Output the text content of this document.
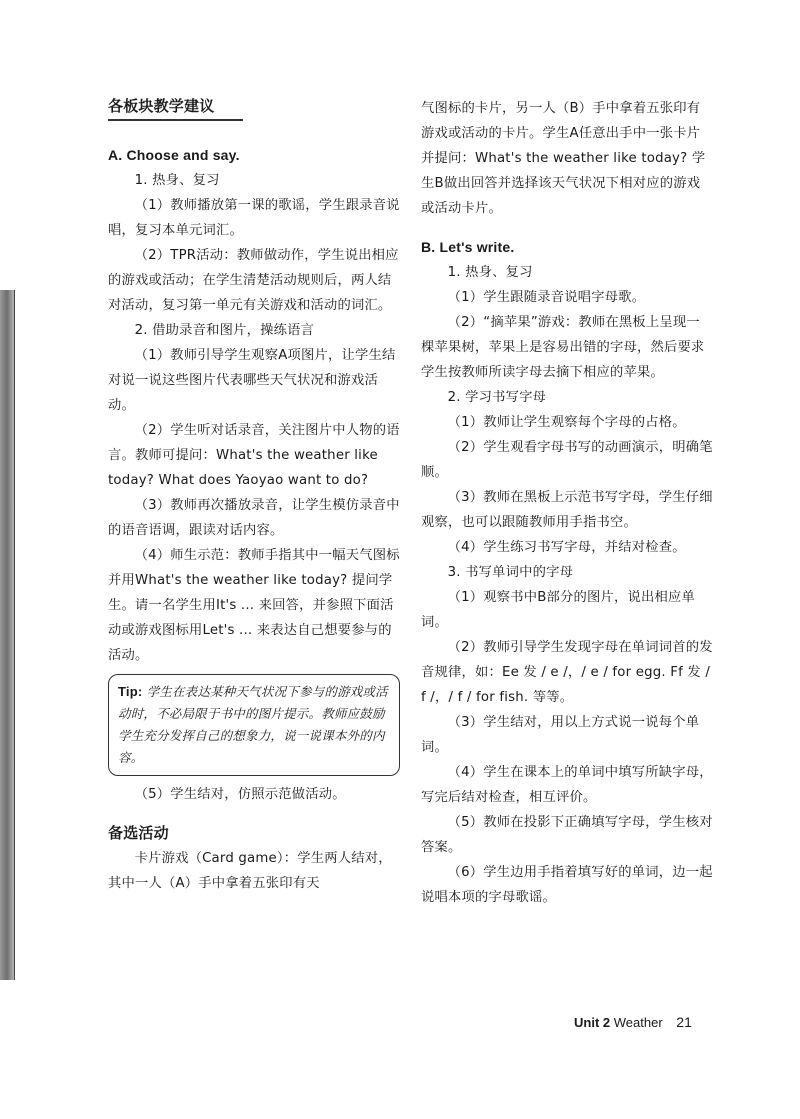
各板块教学建议

A. Choose and say.

1. 热身、复习

（1）教师播放第一课的歌谣，学生跟录音说唱，复习本单元词汇。

（2）TPR活动：教师做动作，学生说出相应的游戏或活动；在学生清楚活动规则后，两人结对活动，复习第一单元有关游戏和活动的词汇。

2. 借助录音和图片，操练语言

（1）教师引导学生观察A项图片，让学生结对说一说这些图片代表哪些天气状况和游戏活动。

（2）学生听对话录音，关注图片中人物的语言。教师可提问：What's the weather like today? What does Yaoyao want to do?

（3）教师再次播放录音，让学生模仿录音中的语音语调，跟读对话内容。

（4）师生示范：教师手指其中一幅天气图标并用What's the weather like today? 提问学生。请一名学生用It's ... 来回答，并参照下面活动或游戏图标用Let's ... 来表达自己想要参与的活动。

Tip: 学生在表达某种天气状况下参与的游戏或活动时，不必局限于书中的图片提示。教师应鼓励学生充分发挥自己的想象力，说一说课本外的内容。

（5）学生结对，仿照示范做活动。

备选活动

卡片游戏（Card game）：学生两人结对，其中一人（A）手中拿着五张印有天

气图标的卡片，另一人（B）手中拿着五张印有游戏或活动的卡片。学生A任意出手中一张卡片并提问：What's the weather like today? 学生B做出回答并选择该天气状况下相对应的游戏或活动卡片。

B. Let's write.

1. 热身、复习

（1）学生跟随录音说唱字母歌。

（2）“摘苹果”游戏：教师在黑板上呈现一棵苹果树，苹果上是容易出错的字母，然后要求学生按教师所读字母去摘下相应的苹果。

2. 学习书写字母

（1）教师让学生观察每个字母的占格。

（2）学生观看字母书写的动画演示，明确笔顺。

（3）教师在黑板上示范书写字母，学生仔细观察，也可以跟随教师用手指书空。

（4）学生练习书写字母，并结对检查。

3. 书写单词中的字母

（1）观察书中B部分的图片，说出相应单词。

（2）教师引导学生发现字母在单词词首的发音规律，如：Ee 发 / e /，/ e / for egg. Ff 发 / f /，/ f / for fish. 等等。

（3）学生结对，用以上方式说一说每个单词。

（4）学生在课本上的单词中填写所缺字母，写完后结对检查，相互评价。

（5）教师在投影下正确填写字母，学生核对答案。

（6）学生边用手指着填写好的单词，边一起说唱本项的字母歌谣。

Unit 2 Weather 21
